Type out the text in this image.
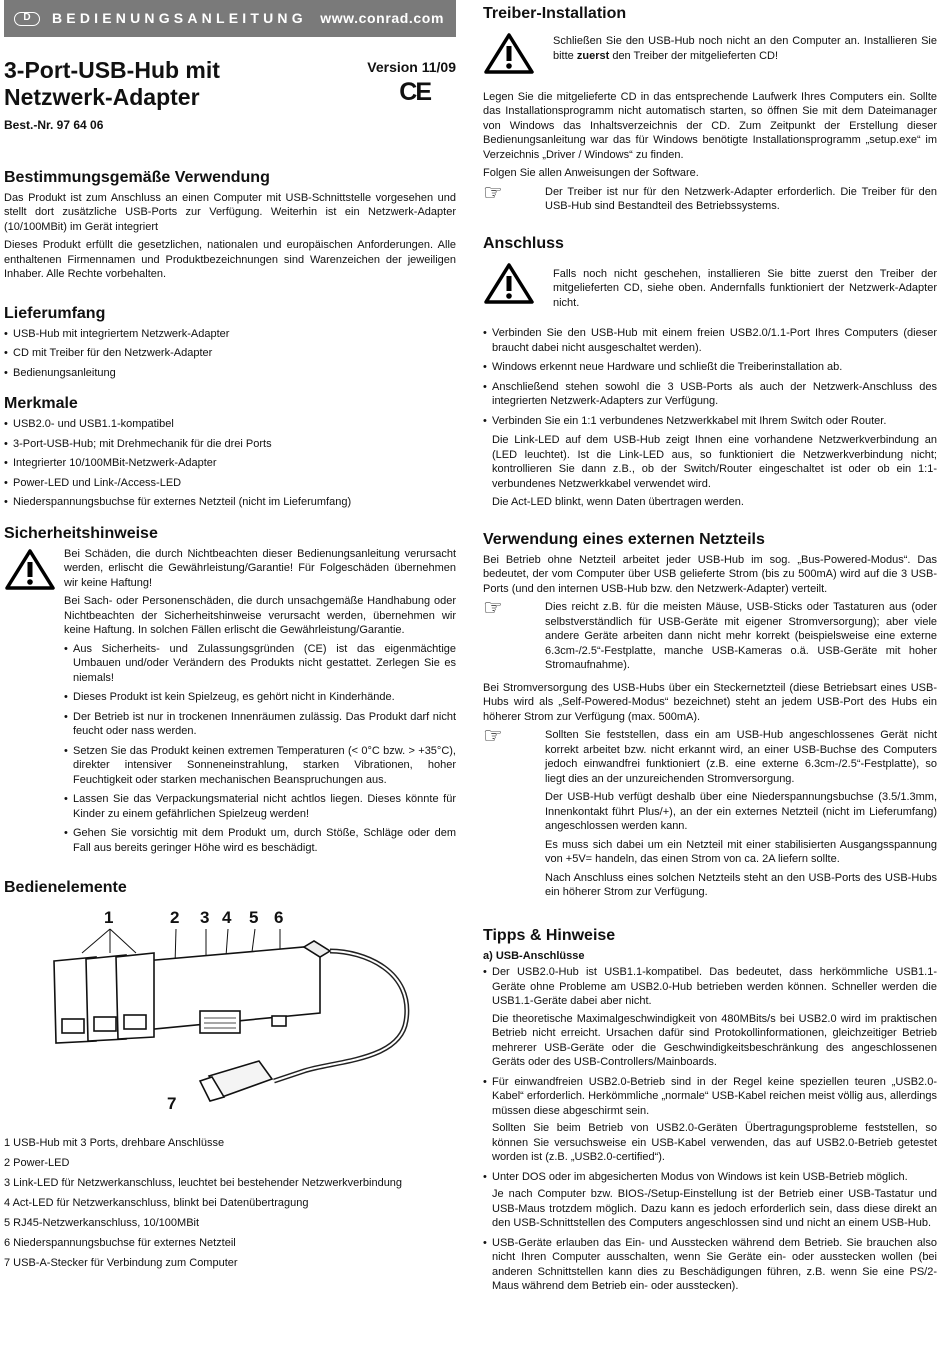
D	BEDIENUNGSANLEITUNG www.conrad.com
3-Port-USB-Hub mit
Netzwerk-Adapter
Version 11/09
CE
Best.-Nr. 97 64 06
Bestimmungsgemäße Verwendung

Das Produkt ist zum Anschluss an einen Computer mit USB-Schnittstelle vorgesehen und stellt dort zusätzliche USB-Ports zur Verfügung. Weiterhin ist ein Netzwerk-Adapter (10/100MBit) im Gerät integriert

Dieses Produkt erfüllt die gesetzlichen, nationalen und europäischen Anforderungen. Alle enthaltenen Firmennamen und Produktbezeichnungen sind Warenzeichen der jeweiligen Inhaber. Alle Rechte vorbehalten.

Lieferumfang
• USB-Hub mit integriertem Netzwerk-Adapter
• CD mit Treiber für den Netzwerk-Adapter
• Bedienungsanleitung
Merkmale
• USB2.0- und USB1.1-kompatibel
• 3-Port-USB-Hub; mit Drehmechanik für die drei Ports
• Integrierter 10/100MBit-Netzwerk-Adapter
• Power-LED und Link-/Access-LED
• Niederspannungsbuchse für externes Netzteil (nicht im Lieferumfang)
Sicherheitshinweise

Bei Schäden, die durch Nichtbeachten dieser Bedienungsanleitung verursacht werden, erlischt die Gewährleistung/Garantie! Für Folgeschäden übernehmen wir keine Haftung!

Bei Sach- oder Personenschäden, die durch unsachgemäße Handhabung oder Nichtbeachten der Sicherheitshinweise verursacht werden, übernehmen wir keine Haftung. In solchen Fällen erlischt die Gewährleistung/Garantie.

• Aus Sicherheits- und Zulassungsgründen (CE) ist das eigenmächtige Umbauen und/oder Verändern des Produkts nicht gestattet. Zerlegen Sie es niemals!
• Dieses Produkt ist kein Spielzeug, es gehört nicht in Kinderhände.
• Der Betrieb ist nur in trockenen Innenräumen zulässig. Das Produkt darf nicht feucht oder nass werden.
• Setzen Sie das Produkt keinen extremen Temperaturen (< 0°C bzw. > +35°C), direkter intensiver Sonneneinstrahlung, starken Vibrationen, hoher Feuchtigkeit oder starken mechanischen Beanspruchungen aus.
• Lassen Sie das Verpackungsmaterial nicht achtlos liegen. Dieses könnte für Kinder zu einem gefährlichen Spielzeug werden!
• Gehen Sie vorsichtig mit dem Produkt um, durch Stöße, Schläge oder dem Fall aus bereits geringer Höhe wird es beschädigt.
Bedienelemente
1	2 3 4 5 6
7

1 USB-Hub mit 3 Ports, drehbare Anschlüsse

2 Power-LED

3 Link-LED für Netzwerkanschluss, leuchtet bei bestehender Netzwerkverbindung

4 Act-LED für Netzwerkanschluss, blinkt bei Datenübertragung

5 RJ45-Netzwerkanschluss, 10/100MBit

6 Niederspannungsbuchse für externes Netzteil

7 USB-A-Stecker für Verbindung zum Computer

Treiber-Installation

Schließen Sie den USB-Hub noch nicht an den Computer an. Installieren Sie bitte zuerst den Treiber der mitgelieferten CD!

Legen Sie die mitgelieferte CD in das entsprechende Laufwerk Ihres Computers ein. Sollte das Installationsprogramm nicht automatisch starten, so öffnen Sie mit dem Dateimanager von Windows das Inhaltsverzeichnis der CD. Zum Zeitpunkt der Erstellung dieser Bedienungsanleitung war das für Windows benötigte Installationsprogramm „setup.exe“ im Verzeichnis „Driver / Windows“ zu finden.

Folgen Sie allen Anweisungen der Software.

☞	Der Treiber ist nur für den Netzwerk-Adapter erforderlich. Die Treiber für den USB-Hub sind Bestandteil des Betriebssystems.

Anschluss

Falls noch nicht geschehen, installieren Sie bitte zuerst den Treiber der mitgelieferten CD, siehe oben. Andernfalls funktioniert der Netzwerk-Adapter nicht.

• Verbinden Sie den USB-Hub mit einem freien USB2.0/1.1-Port Ihres Computers (dieser braucht dabei nicht ausgeschaltet werden).
• Windows erkennt neue Hardware und schließt die Treiberinstallation ab.
• Anschließend stehen sowohl die 3 USB-Ports als auch der Netzwerk-Anschluss des integrierten Netzwerk-Adapters zur Verfügung.
• Verbinden Sie ein 1:1 verbundenes Netzwerkkabel mit Ihrem Switch oder Router.

Die Link-LED auf dem USB-Hub zeigt Ihnen eine vorhandene Netzwerkverbindung an (LED leuchtet). Ist die Link-LED aus, so funktioniert die Netzwerkverbindung nicht; kontrollieren Sie dann z.B., ob der Switch/Router eingeschaltet ist oder ob ein 1:1-verbundenes Netzwerkkabel verwendet wird.

Die Act-LED blinkt, wenn Daten übertragen werden.

Verwendung eines externen Netzteils

Bei Betrieb ohne Netzteil arbeitet jeder USB-Hub im sog. „Bus-Powered-Modus“. Das bedeutet, der vom Computer über USB gelieferte Strom (bis zu 500mA) wird auf die 3 USB-Ports (und den internen USB-Hub bzw. den Netzwerk-Adapter) verteilt.

☞	Dies reicht z.B. für die meisten Mäuse, USB-Sticks oder Tastaturen aus (oder selbstverständlich für USB-Geräte mit eigener Stromversorgung); aber viele andere Geräte arbeiten dann nicht mehr korrekt (beispielsweise eine externe 6.3cm-/2.5“-Festplatte, manche USB-Kameras o.ä. USB-Geräte mit hoher Stromaufnahme).

Bei Stromversorgung des USB-Hubs über ein Steckernetzteil (diese Betriebsart eines USB-Hubs wird als „Self-Powered-Modus“ bezeichnet) steht an jedem USB-Port des Hubs ein höherer Strom zur Verfügung (max. 500mA).

☞	Sollten Sie feststellen, dass ein am USB-Hub angeschlossenes Gerät nicht korrekt arbeitet bzw. nicht erkannt wird, an einer USB-Buchse des Computers jedoch einwandfrei funktioniert (z.B. eine externe 6.3cm-/2.5“-Festplatte), so liegt dies an der unzureichenden Stromversorgung.

Der USB-Hub verfügt deshalb über eine Niederspannungsbuchse (3.5/1.3mm, Innenkontakt führt Plus/+), an der ein externes Netzteil (nicht im Lieferumfang) angeschlossen werden kann.

Es muss sich dabei um ein Netzteil mit einer stabilisierten Ausgangsspannung von +5V= handeln, das einen Strom von ca. 2A liefern sollte.

Nach Anschluss eines solchen Netzteils steht an den USB-Ports des USB-Hubs ein höherer Strom zur Verfügung.

Tipps & Hinweise
a) USB-Anschlüsse
• Der USB2.0-Hub ist USB1.1-kompatibel. Das bedeutet, dass herkömmliche USB1.1-Geräte ohne Probleme am USB2.0-Hub betrieben werden können. Schneller werden die USB1.1-Geräte dabei aber nicht.

Die theoretische Maximalgeschwindigkeit von 480MBits/s bei USB2.0 wird im praktischen Betrieb nicht erreicht. Ursachen dafür sind Protokollinformationen, gleichzeitiger Betrieb mehrerer USB-Geräte oder die Geschwindigkeitsbeschränkung des angeschlossenen Geräts oder des USB-Controllers/Mainboards.

• Für einwandfreien USB2.0-Betrieb sind in der Regel keine speziellen teuren „USB2.0-Kabel“ erforderlich. Herkömmliche „normale“ USB-Kabel reichen meist völlig aus, allerdings müssen diese abgeschirmt sein.

Sollten Sie beim Betrieb von USB2.0-Geräten Übertragungsprobleme feststellen, so können Sie versuchsweise ein USB-Kabel verwenden, das auf USB2.0-Betrieb getestet worden ist (z.B. „USB2.0-certified“).

• Unter DOS oder im abgesicherten Modus von Windows ist kein USB-Betrieb möglich.

Je nach Computer bzw. BIOS-/Setup-Einstellung ist der Betrieb einer USB-Tastatur und USB-Maus trotzdem möglich. Dazu kann es jedoch erforderlich sein, dass diese direkt an den USB-Schnittstellen des Computers angeschlossen sind und nicht an einem USB-Hub.

• USB-Geräte erlauben das Ein- und Ausstecken während dem Betrieb. Sie brauchen also nicht Ihren Computer ausschalten, wenn Sie Geräte ein- oder ausstecken wollen (bei anderen Schnittstellen kann dies zu Beschädigungen führen, z.B. wenn Sie eine PS/2-Maus während dem Betrieb ein- oder ausstecken).
